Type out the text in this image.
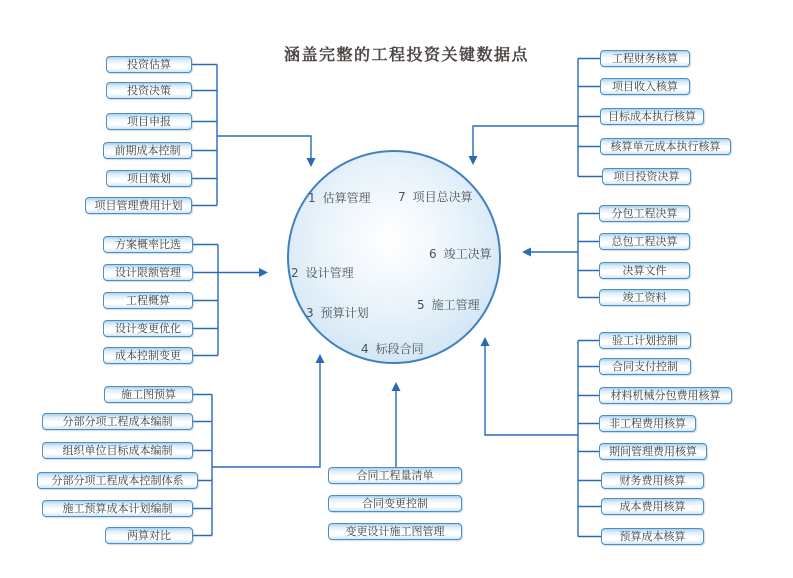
涵盖完整的工程投资关键数据点
1 估算管理 7 项目总决算
2 设计管理
6 竣工决算
3 预算计划
5 施工管理
4 标段合同
投资估算
投资决策
项目申报
前期成本控制
项目策划
项目管理费用计划
方案概率比选
设计限额管理
工程概算
设计变更优化
成本控制变更
施工图预算
分部分项工程成本编制
组织单位目标成本编制
分部分项工程成本控制体系
施工预算成本计划编制
两算对比
合同工程量清单
合同变更控制
变更设计施工图管理
工程财务核算
项目收入核算
目标成本执行核算
核算单元成本执行核算
项目投资决算
分包工程决算
总包工程决算
决算文件
竣工资料
验工计划控制
合同支付控制
材料机械分包费用核算
非工程费用核算
期间管理费用核算
财务费用核算
成本费用核算
预算成本核算
